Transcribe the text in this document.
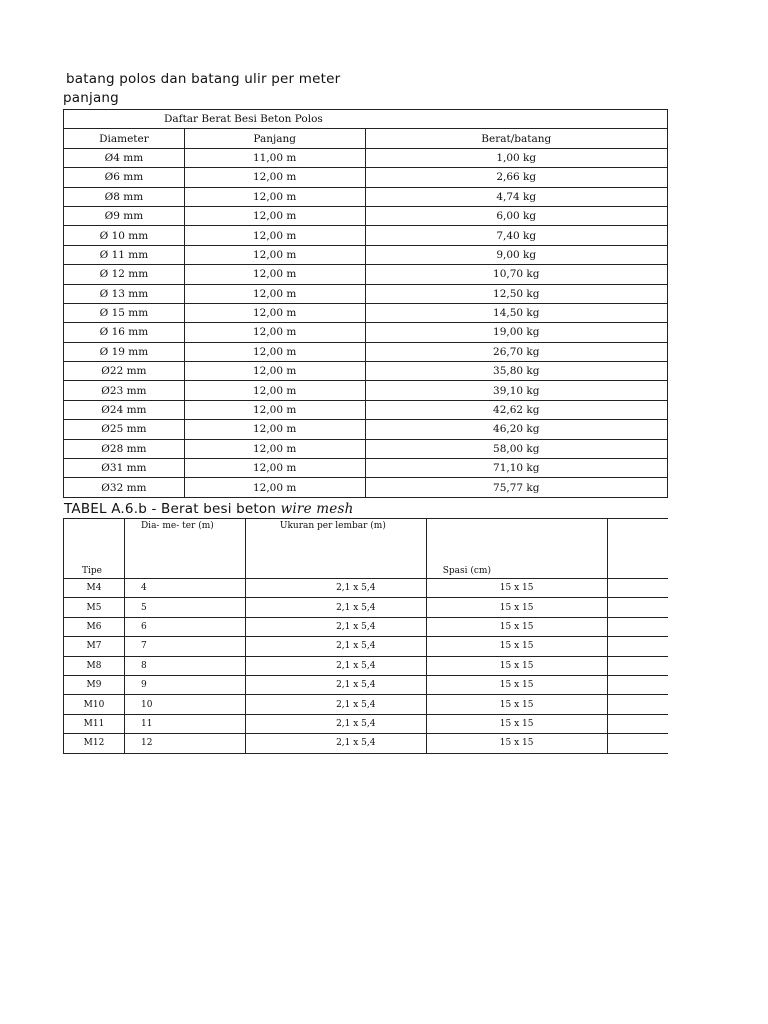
batang polos dan batang ulir per meter
panjang
Daftar Berat Besi Beton Polos		
Diameter	Panjang	Berat/batang
Ø4 mm	11,00 m	1,00 kg
Ø6 mm	12,00 m	2,66 kg
Ø8 mm	12,00 m	4,74 kg
Ø9 mm	12,00 m	6,00 kg
Ø 10 mm	12,00 m	7,40 kg
Ø 11 mm	12,00 m	9,00 kg
Ø 12 mm	12,00 m	10,70 kg
Ø 13 mm	12,00 m	12,50 kg
Ø 15 mm	12,00 m	14,50 kg
Ø 16 mm	12,00 m	19,00 kg
Ø 19 mm	12,00 m	26,70 kg
Ø22 mm	12,00 m	35,80 kg
Ø23 mm	12,00 m	39,10 kg
Ø24 mm	12,00 m	42,62 kg
Ø25 mm	12,00 m	46,20 kg
Ø28 mm	12,00 m	58,00 kg
Ø31 mm	12,00 m	71,10 kg
Ø32 mm	12,00 m	75,77 kg
TABEL A.6.b - Berat besi beton wire mesh
Tipe	Dia- me- ter (m)	Ukuran per lembar (m)	Spasi (cm)	
M4	4	2,1 x 5,4	15 x 15	
M5	5	2,1 x 5,4	15 x 15	
M6	6	2,1 x 5,4	15 x 15	
M7	7	2,1 x 5,4	15 x 15	
M8	8	2,1 x 5,4	15 x 15	
M9	9	2,1 x 5,4	15 x 15	
M10	10	2,1 x 5,4	15 x 15	
M11	11	2,1 x 5,4	15 x 15	
M12	12	2,1 x 5,4	15 x 15	
